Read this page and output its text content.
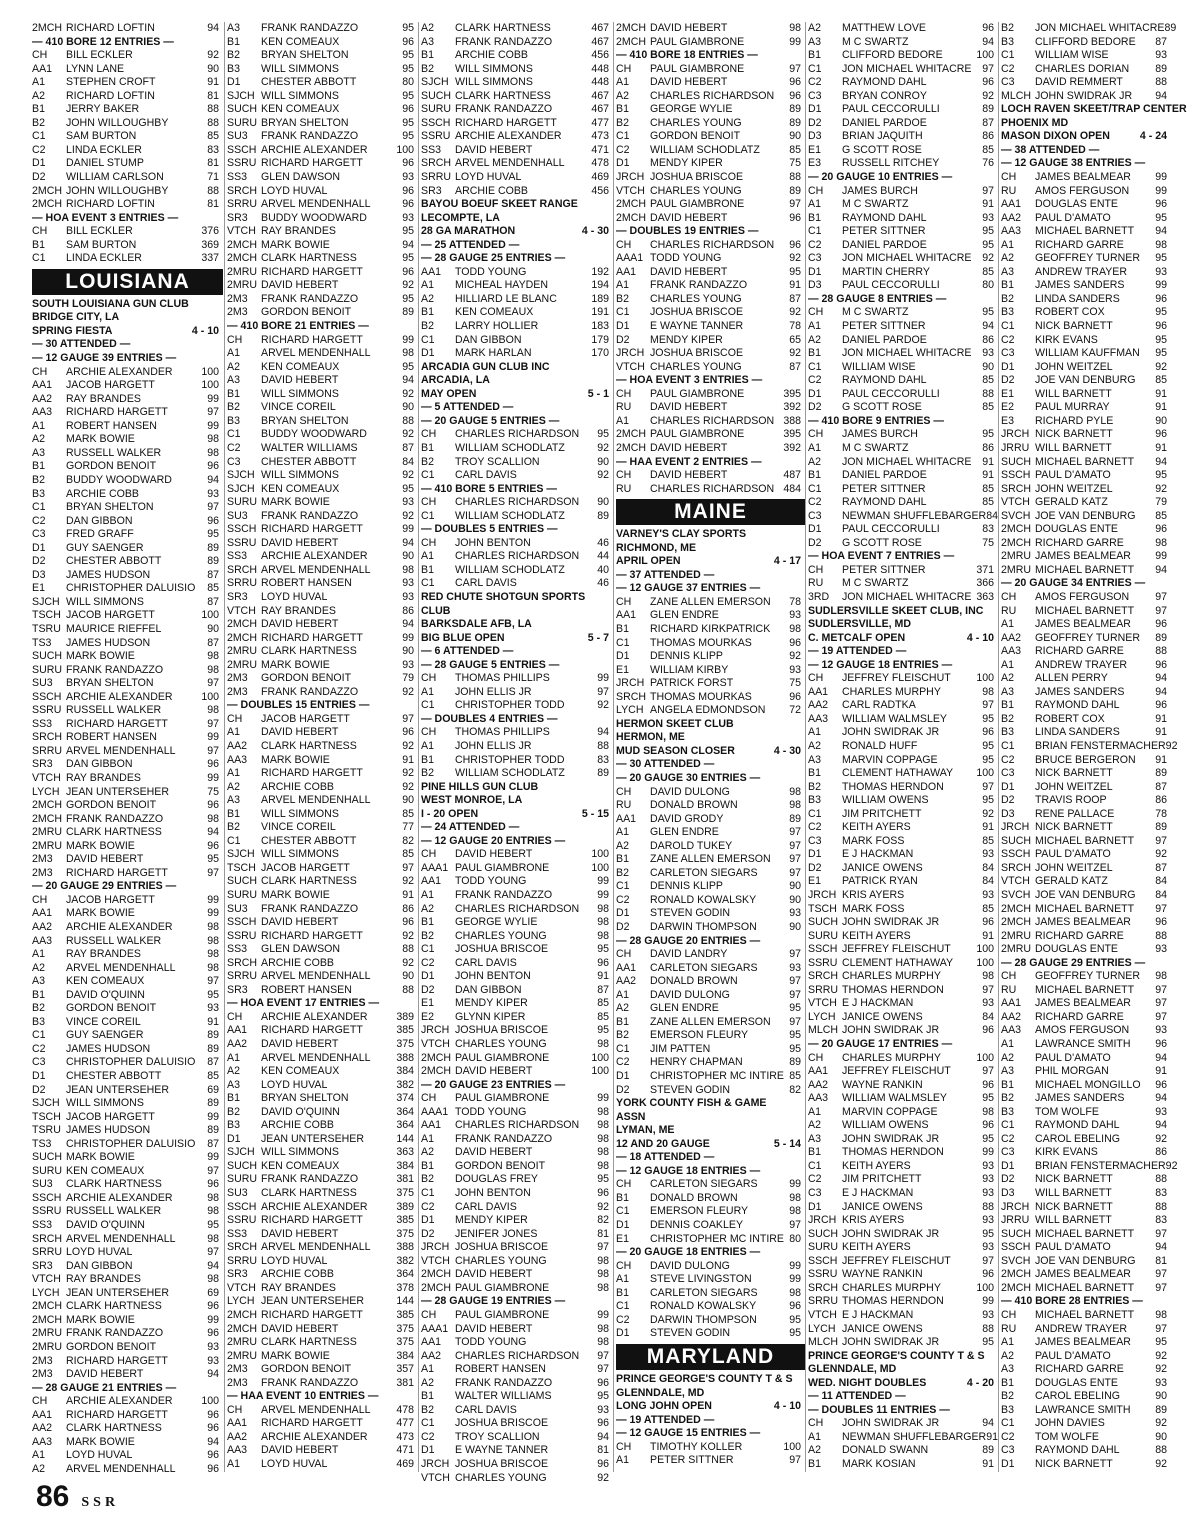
2MCH RICHARD LOFTIN	94
— 410 BORE 12 ENTRIES —
CH	BILL ECKLER	92
AA1	LYNN LANE	90
A1	STEPHEN CROFT	91
A2	RICHARD LOFTIN	81
B1	JERRY BAKER	88
B2	JOHN WILLOUGHBY	88
C1	SAM BURTON	85
C2	LINDA ECKLER	83
D1	DANIEL STUMP	81
D2	WILLIAM CARLSON	71
2MCH JOHN WILLOUGHBY	88
2MCH RICHARD LOFTIN	81
— HOA EVENT 3 ENTRIES —
CH	BILL ECKLER	376
B1	SAM BURTON	369
C1	LINDA ECKLER	337
LOUISIANA
SOUTH LOUISIANA GUN CLUB
BRIDGE CITY, LA
SPRING FIESTA	4 - 10
— 30 ATTENDED —
— 12 GAUGE 39 ENTRIES —
CH	ARCHIE ALEXANDER	100
AA1	JACOB HARGETT	100
AA2	RAY BRANDES	99
AA3	RICHARD HARGETT	97
A1	ROBERT HANSEN	99
A2	MARK BOWIE	98
A3	RUSSELL WALKER	98
B1	GORDON BENOIT	96
B2	BUDDY WOODWARD	94
B3	ARCHIE COBB	93
C1	BRYAN SHELTON	97
C2	DAN GIBBON	96
C3	FRED GRAFF	95
D1	GUY SAENGER	89
D2	CHESTER ABBOTT	89
D3	JAMES HUDSON	87
E1	CHRISTOPHER DALUISIO	85
SJCH WILL SIMMONS	87
TSCH JACOB HARGETT	100
TSRU MAURICE RIEFFEL	90
TS3	JAMES HUDSON	87
SUCH MARK BOWIE	98
SURU FRANK RANDAZZO	98
SU3	BRYAN SHELTON	97
SSCH ARCHIE ALEXANDER	100
SSRU RUSSELL WALKER	98
SS3	RICHARD HARGETT	97
SRCH ROBERT HANSEN	99
SRRU ARVEL MENDENHALL	97
SR3	DAN GIBBON	96
VTCH RAY BRANDES	99
LYCH JEAN UNTERSEHER	75
2MCH GORDON BENOIT	96
2MCH FRANK RANDAZZO	98
2MRU CLARK HARTNESS	94
2MRU MARK BOWIE	96
2M3	DAVID HEBERT	95
2M3	RICHARD HARGETT	97
— 20 GAUGE 29 ENTRIES —
CH	JACOB HARGETT	99
AA1	MARK BOWIE	99
AA2	ARCHIE ALEXANDER	98
AA3	RUSSELL WALKER	98
A1	RAY BRANDES	98
A2	ARVEL MENDENHALL	98
A3	KEN COMEAUX	97
B1	DAVID O'QUINN	95
B2	GORDON BENOIT	93
B3	VINCE COREIL	91
C1	GUY SAENGER	89
C2	JAMES HUDSON	89
C3	CHRISTOPHER DALUISIO	87
D1	CHESTER ABBOTT	85
D2	JEAN UNTERSEHER	69
SJCH WILL SIMMONS	89
TSCH JACOB HARGETT	99
TSRU JAMES HUDSON	89
TS3	CHRISTOPHER DALUISIO	87
SUCH MARK BOWIE	99
SURU KEN COMEAUX	97
SU3	CLARK HARTNESS	96
SSCH ARCHIE ALEXANDER	98
SSRU RUSSELL WALKER	98
SS3	DAVID O'QUINN	95
SRCH ARVEL MENDENHALL	98
SRRU LOYD HUVAL	97
SR3	DAN GIBBON	94
VTCH RAY BRANDES	98
LYCH JEAN UNTERSEHER	69
2MCH CLARK HARTNESS	96
2MCH MARK BOWIE	99
2MRU FRANK RANDAZZO	96
2MRU GORDON BENOIT	93
2M3	RICHARD HARGETT	93
2M3	DAVID HEBERT	94
— 28 GAUGE 21 ENTRIES —
CH	ARCHIE ALEXANDER	100
AA1	RICHARD HARGETT	96
AA2	CLARK HARTNESS	96
AA3	MARK BOWIE	94
A1	LOYD HUVAL	96
A2	ARVEL MENDENHALL	96
A3	FRANK RANDAZZO	95
B1	KEN COMEAUX	96
B2	BRYAN SHELTON	95
B3	WILL SIMMONS	95
D1	CHESTER ABBOTT	80
SJCH WILL SIMMONS	95
SUCH KEN COMEAUX	96
SURU BRYAN SHELTON	95
SU3	FRANK RANDAZZO	95
SSCH ARCHIE ALEXANDER	100
SSRU RICHARD HARGETT	96
SS3	GLEN DAWSON	93
SRCH LOYD HUVAL	96
SRRU ARVEL MENDENHALL	96
SR3	BUDDY WOODWARD	93
VTCH RAY BRANDES	95
2MCH MARK BOWIE	94
2MCH CLARK HARTNESS	95
2MRU RICHARD HARGETT	96
2MRU DAVID HEBERT	92
2M3	FRANK RANDAZZO	95
2M3	GORDON BENOIT	89
— 410 BORE 21 ENTRIES —
CH	RICHARD HARGETT	99
A1	ARVEL MENDENHALL	98
A2	KEN COMEAUX	95
A3	DAVID HEBERT	94
B1	WILL SIMMONS	92
B2	VINCE COREIL	90
B3	BRYAN SHELTON	88
C1	BUDDY WOODWARD	92
C2	WALTER WILLIAMS	87
C3	CHESTER ABBOTT	84
SJCH WILL SIMMONS	92
SJCH KEN COMEAUX	95
SURU MARK BOWIE	93
SU3	FRANK RANDAZZO	92
SSCH RICHARD HARGETT	99
SSRU DAVID HEBERT	94
SS3	ARCHIE ALEXANDER	90
SRCH ARVEL MENDENHALL	98
SRRU ROBERT HANSEN	93
SR3	LOYD HUVAL	93
VTCH RAY BRANDES	86
2MCH DAVID HEBERT	94
2MCH RICHARD HARGETT	99
2MRU CLARK HARTNESS	90
2MRU MARK BOWIE	93
2M3	GORDON BENOIT	79
2M3	FRANK RANDAZZO	92
— DOUBLES 15 ENTRIES —
CH	JACOB HARGETT	97
A1	DAVID HEBERT	96
AA2	CLARK HARTNESS	92
AA3	MARK BOWIE	91
A1	RICHARD HARGETT	92
A2	ARCHIE COBB	92
A3	ARVEL MENDENHALL	90
B1	WILL SIMMONS	85
B2	VINCE COREIL	77
C1	CHESTER ABBOTT	82
SJCH WILL SIMMONS	85
TSCH JACOB HARGETT	97
SUCH CLARK HARTNESS	92
SURU MARK BOWIE	91
SU3	FRANK RANDAZZO	86
SSCH DAVID HEBERT	96
SSRU RICHARD HARGETT	92
SS3	GLEN DAWSON	88
SRCH ARCHIE COBB	92
SRRU ARVEL MENDENHALL	90
SR3	ROBERT HANSEN	88
— HOA EVENT 17 ENTRIES —
CH	ARCHIE ALEXANDER	389
AA1	RICHARD HARGETT	385
AA2	DAVID HEBERT	375
A1	ARVEL MENDENHALL	388
A2	KEN COMEAUX	384
A3	LOYD HUVAL	382
B1	BRYAN SHELTON	374
B2	DAVID O'QUINN	364
B3	ARCHIE COBB	364
D1	JEAN UNTERSEHER	144
SJCH WILL SIMMONS	363
SUCH KEN COMEAUX	384
SURU FRANK RANDAZZO	381
SU3	CLARK HARTNESS	375
SSCH ARCHIE ALEXANDER	389
SSRU RICHARD HARGETT	385
SS3	DAVID HEBERT	375
SRCH ARVEL MENDENHALL	388
SRRU LOYD HUVAL	382
SR3	ARCHIE COBB	364
VTCH RAY BRANDES	378
LYCH JEAN UNTERSEHER	144
2MCH RICHARD HARGETT	385
2MCH DAVID HEBERT	375
2MRU CLARK HARTNESS	375
2MRU MARK BOWIE	384
2M3	GORDON BENOIT	357
2M3	FRANK RANDAZZO	381
— HAA EVENT 10 ENTRIES —
CH	ARVEL MENDENHALL	478
AA1	RICHARD HARGETT	477
AA2	ARCHIE ALEXANDER	473
AA3	DAVID HEBERT	471
A1	LOYD HUVAL	469
A2	CLARK HARTNESS	467
A3	FRANK RANDAZZO	467
B1	ARCHIE COBB	456
B2	WILL SIMMONS	448
SJCH WILL SIMMONS	448
SUCH CLARK HARTNESS	467
SURU FRANK RANDAZZO	467
SSCH RICHARD HARGETT	477
SSRU ARCHIE ALEXANDER	473
SS3	DAVID HEBERT	471
SRCH ARVEL MENDENHALL	478
SRRU LOYD HUVAL	469
SR3	ARCHIE COBB	456
BAYOU BOEUF SKEET RANGE
LECOMPTE, LA
28 GA MARATHON	4 - 30
— 25 ATTENDED —
— 28 GAUGE 25 ENTRIES —
AA1	TODD YOUNG	192
A1	MICHEAL HAYDEN	194
A2	HILLIARD LE BLANC	189
B1	KEN COMEAUX	191
B2	LARRY HOLLIER	183
C1	DAN GIBBON	179
D1	MARK HARLAN	170
ARCADIA GUN CLUB INC
ARCADIA, LA
MAY OPEN	5 - 1
— 5 ATTENDED —
— 20 GAUGE 5 ENTRIES —
CH	CHARLES RICHARDSON	95
B1	WILLIAM SCHODLATZ	92
B2	TROY SCALLION	90
C1	CARL DAVIS	92
— 410 BORE 5 ENTRIES —
CH	CHARLES RICHARDSON	90
C1	WILLIAM SCHODLATZ	89
— DOUBLES 5 ENTRIES —
CH	JOHN BENTON	46
A1	CHARLES RICHARDSON	44
B1	WILLIAM SCHODLATZ	40
C1	CARL DAVIS	46
RED CHUTE SHOTGUN SPORTS
CLUB
BARKSDALE AFB, LA
BIG BLUE OPEN	5 - 7
— 6 ATTENDED —
— 28 GAUGE 5 ENTRIES —
CH	THOMAS PHILLIPS	99
A1	JOHN ELLIS JR	97
C1	CHRISTOPHER TODD	92
— DOUBLES 4 ENTRIES —
CH	THOMAS PHILLIPS	94
A1	JOHN ELLIS JR	88
B1	CHRISTOPHER TODD	83
B2	WILLIAM SCHODLATZ	89
PINE HILLS GUN CLUB
WEST MONROE, LA
I - 20 OPEN	5 - 15
— 24 ATTENDED —
— 12 GAUGE 20 ENTRIES —
CH	DAVID HEBERT	100
AAA1 PAUL GIAMBRONE	100
AA1	TODD YOUNG	99
A1	FRANK RANDAZZO	99
A2	CHARLES RICHARDSON	98
B1	GEORGE WYLIE	98
B2	CHARLES YOUNG	98
C1	JOSHUA BRISCOE	95
C2	CARL DAVIS	96
D1	JOHN BENTON	91
D2	DAN GIBBON	87
E1	MENDY KIPER	85
E2	GLYNN KIPER	85
JRCH JOSHUA BRISCOE	95
VTCH CHARLES YOUNG	98
2MCH PAUL GIAMBRONE	100
2MCH DAVID HEBERT	100
— 20 GAUGE 23 ENTRIES —
CH	PAUL GIAMBRONE	99
AAA1 TODD YOUNG	98
AA1	CHARLES RICHARDSON	98
A1	FRANK RANDAZZO	98
A2	DAVID HEBERT	98
B1	GORDON BENOIT	98
B2	DOUGLAS FREY	95
C1	JOHN BENTON	96
C2	CARL DAVIS	92
D1	MENDY KIPER	82
D2	JENIFER JONES	81
JRCH JOSHUA BRISCOE	97
VTCH CHARLES YOUNG	98
2MCH DAVID HEBERT	98
2MCH PAUL GIAMBRONE	98
— 28 GAUGE 19 ENTRIES —
CH	PAUL GIAMBRONE	99
AAA1 DAVID HEBERT	98
AA1	TODD YOUNG	98
AA2	CHARLES RICHARDSON	97
A1	ROBERT HANSEN	97
A2	FRANK RANDAZZO	96
B1	WALTER WILLIAMS	95
B2	CARL DAVIS	93
C1	JOSHUA BRISCOE	96
C2	TROY SCALLION	94
D1	E WAYNE TANNER	81
JRCH JOSHUA BRISCOE	96
VTCH CHARLES YOUNG	92
2MCH DAVID HEBERT	98
2MCH PAUL GIAMBRONE	99
— 410 BORE 18 ENTRIES —
CH	PAUL GIAMBRONE	97
A1	DAVID HEBERT	96
A2	CHARLES RICHARDSON	96
B1	GEORGE WYLIE	89
B2	CHARLES YOUNG	89
C1	GORDON BENOIT	90
C2	WILLIAM SCHODLATZ	85
D1	MENDY KIPER	75
JRCH JOSHUA BRISCOE	88
VTCH CHARLES YOUNG	89
2MCH PAUL GIAMBRONE	97
2MCH DAVID HEBERT	96
— DOUBLES 19 ENTRIES —
CH	CHARLES RICHARDSON	96
AAA1 TODD YOUNG	92
AA1	DAVID HEBERT	95
A1	FRANK RANDAZZO	91
B2	CHARLES YOUNG	87
C1	JOSHUA BRISCOE	92
D1	E WAYNE TANNER	78
D2	MENDY KIPER	65
JRCH JOSHUA BRISCOE	92
VTCH CHARLES YOUNG	87
— HOA EVENT 3 ENTRIES —
CH	PAUL GIAMBRONE	395
RU	DAVID HEBERT	392
A1	CHARLES RICHARDSON 388
2MCH PAUL GIAMBRONE	395
2MCH DAVID HEBERT	392
— HAA EVENT 2 ENTRIES —
CH	DAVID HEBERT	487
RU	CHARLES RICHARDSON 484
MAINE
VARNEY'S CLAY SPORTS
RICHMOND, ME
APRIL OPEN	4 - 17
— 37 ATTENDED —
— 12 GAUGE 37 ENTRIES —
CH	ZANE ALLEN EMERSON	78
AA1	GLEN ENDRE	93
B1	RICHARD KIRKPATRICK	98
C1	THOMAS MOURKAS	96
D1	DENNIS KLIPP	92
E1	WILLIAM KIRBY	93
JRCH PATRICK FORST	75
SRCH THOMAS MOURKAS	96
LYCH ANGELA EDMONDSON	72
HERMON SKEET CLUB
HERMON, ME
MUD SEASON CLOSER	4 - 30
— 30 ATTENDED —
— 20 GAUGE 30 ENTRIES —
CH	DAVID DULONG	98
RU	DONALD BROWN	98
AA1	DAVID GRODY	89
A1	GLEN ENDRE	97
A2	DAROLD TUKEY	97
B1	ZANE ALLEN EMERSON	97
B2	CARLETON SIEGARS	97
C1	DENNIS KLIPP	90
C2	RONALD KOWALSKY	90
D1	STEVEN GODIN	93
D2	DARWIN THOMPSON	90
— 28 GAUGE 20 ENTRIES —
CH	DAVID LANDRY	97
AA1	CARLETON SIEGARS	93
AA2	DONALD BROWN	97
A1	DAVID DULONG	97
A2	GLEN ENDRE	95
B1	ZANE ALLEN EMERSON	97
B2	EMERSON FLEURY	95
C1	JIM PATTEN	95
C2	HENRY CHAPMAN	89
D1	CHRISTOPHER MC INTIRE 85
D2	STEVEN GODIN	82
YORK COUNTY FISH & GAME
ASSN
LYMAN, ME
12 AND 20 GAUGE	5 - 14
— 18 ATTENDED —
— 12 GAUGE 18 ENTRIES —
CH	CARLETON SIEGARS	99
B1	DONALD BROWN	98
C1	EMERSON FLEURY	98
D1	DENNIS COAKLEY	97
E1	CHRISTOPHER MC INTIRE 80
— 20 GAUGE 18 ENTRIES —
CH	DAVID DULONG	99
A1	STEVE LIVINGSTON	99
B1	CARLETON SIEGARS	98
C1	RONALD KOWALSKY	96
C2	DARWIN THOMPSON	95
D1	STEVEN GODIN	95
MARYLAND
PRINCE GEORGE'S COUNTY T & S
GLENNDALE, MD
LONG JOHN OPEN	4 - 10
— 19 ATTENDED —
— 12 GAUGE 15 ENTRIES —
CH	TIMOTHY KOLLER	100
A1	PETER SITTNER	97
A2	MATTHEW LOVE	96
A3	M C SWARTZ	94
B1	CLIFFORD BEDORE	100
C1	JON MICHAEL WHITACRE	97
C2	RAYMOND DAHL	96
C3	BRYAN CONROY	92
D1	PAUL CECCORULLI	89
D2	DANIEL PARDOE	87
D3	BRIAN JAQUITH	86
E1	G SCOTT ROSE	85
E3	RUSSELL RITCHEY	76
— 20 GAUGE 10 ENTRIES —
CH	JAMES BURCH	97
A1	M C SWARTZ	91
B1	RAYMOND DAHL	93
C1	PETER SITTNER	95
C2	DANIEL PARDOE	95
C3	JON MICHAEL WHITACRE	92
D1	MARTIN CHERRY	85
D3	PAUL CECCORULLI	80
— 28 GAUGE 8 ENTRIES —
CH	M C SWARTZ	95
A1	PETER SITTNER	94
A2	DANIEL PARDOE	86
B1	JON MICHAEL WHITACRE	93
C1	WILLIAM WISE	90
C2	RAYMOND DAHL	85
D1	PAUL CECCORULLI	88
D2	G SCOTT ROSE	85
— 410 BORE 9 ENTRIES —
CH	JAMES BURCH	95
A1	M C SWARTZ	86
A2	JON MICHAEL WHITACRE	91
B1	DANIEL PARDOE	91
C1	PETER SITTNER	85
C2	RAYMOND DAHL	85
C3	NEWMAN SHUFFLEBARGER 84
D1	PAUL CECCORULLI	83
D2	G SCOTT ROSE	75
— HOA EVENT 7 ENTRIES —
CH	PETER SITTNER	371
RU	M C SWARTZ	366
3RD	JON MICHAEL WHITACRE 363
SUDLERSVILLE SKEET CLUB, INC
SUDLERSVILLE, MD
C. METCALF OPEN	4 - 10
— 19 ATTENDED —
— 12 GAUGE 18 ENTRIES —
CH	JEFFREY FLEISCHUT	100
AA1	CHARLES MURPHY	98
AA2	CARL RADTKA	97
AA3	WILLIAM WALMSLEY	95
A1	JOHN SWIDRAK JR	96
A2	RONALD HUFF	95
A3	MARVIN COPPAGE	95
B1	CLEMENT HATHAWAY	100
B2	THOMAS HERNDON	97
B3	WILLIAM OWENS	95
C1	JIM PRITCHETT	92
C2	KEITH AYERS	91
C3	MARK FOSS	85
D1	E J HACKMAN	93
D2	JANICE OWENS	84
E1	PATRICK RYAN	84
JRCH KRIS AYERS	93
TSCH MARK FOSS	85
SUCH JOHN SWIDRAK JR	96
SURU KEITH AYERS	91
SSCH JEFFREY FLEISCHUT	100
SSRU CLEMENT HATHAWAY	100
SRCH CHARLES MURPHY	98
SRRU THOMAS HERNDON	97
VTCH E J HACKMAN	93
LYCH JANICE OWENS	84
MLCH JOHN SWIDRAK JR	96
— 20 GAUGE 17 ENTRIES —
CH	CHARLES MURPHY	100
AA1	JEFFREY FLEISCHUT	97
AA2	WAYNE RANKIN	96
AA3	WILLIAM WALMSLEY	95
A1	MARVIN COPPAGE	98
A2	WILLIAM OWENS	96
A3	JOHN SWIDRAK JR	95
B1	THOMAS HERNDON	99
C1	KEITH AYERS	93
C2	JIM PRITCHETT	93
C3	E J HACKMAN	93
D1	JANICE OWENS	88
JRCH KRIS AYERS	93
SUCH JOHN SWIDRAK JR	95
SURU KEITH AYERS	93
SSCH JEFFREY FLEISCHUT	97
SSRU WAYNE RANKIN	96
SRCH CHARLES MURPHY	100
SRRU THOMAS HERNDON	99
VTCH E J HACKMAN	93
LYCH JANICE OWENS	88
MLCH JOHN SWIDRAK JR	95
PRINCE GEORGE'S COUNTY T & S
GLENNDALE, MD
WED. NIGHT DOUBLES	4 - 20
— 11 ATTENDED —
— DOUBLES 11 ENTRIES —
CH	JOHN SWIDRAK JR	94
A1	NEWMAN SHUFFLEBARGER 91
A2	DONALD SWANN	89
B1	MARK KOSIAN	91
B2	JON MICHAEL WHITACRE 89
B3	CLIFFORD BEDORE	87
C1	WILLIAM WISE	93
C2	CHARLES DORIAN	89
C3	DAVID REMMERT	88
MLCH JOHN SWIDRAK JR	94
LOCH RAVEN SKEET/TRAP CENTER
PHOENIX MD
MASON DIXON OPEN	4 - 24
— 38 ATTENDED —
— 12 GAUGE 38 ENTRIES —
CH	JAMES BEALMEAR	99
RU	AMOS FERGUSON	99
AA1	DOUGLAS ENTE	96
AA2	PAUL D'AMATO	95
AA3	MICHAEL BARNETT	94
A1	RICHARD GARRE	98
A2	GEOFFREY TURNER	95
A3	ANDREW TRAYER	93
B1	JAMES SANDERS	99
B2	LINDA SANDERS	96
B3	ROBERT COX	95
C1	NICK BARNETT	96
C2	KIRK EVANS	95
C3	WILLIAM KAUFFMAN	95
D1	JOHN WEITZEL	92
D2	JOE VAN DENBURG	85
E1	WILL BARNETT	91
E2	PAUL MURRAY	91
E3	RICHARD PYLE	90
JRCH NICK BARNETT	96
JRRU WILL BARNETT	91
SUCH MICHAEL BARNETT	94
SSCH PAUL D'AMATO	95
SRCH JOHN WEITZEL	92
VTCH GERALD KATZ	79
SVCH JOE VAN DENBURG	85
2MCH DOUGLAS ENTE	96
2MCH RICHARD GARRE	98
2MRU JAMES BEALMEAR	99
2MRU MICHAEL BARNETT	94
— 20 GAUGE 34 ENTRIES —
CH	AMOS FERGUSON	97
RU	MICHAEL BARNETT	97
A1	JAMES BEALMEAR	96
AA2	GEOFFREY TURNER	89
AA3	RICHARD GARRE	88
A1	ANDREW TRAYER	96
A2	ALLEN PERRY	94
A3	JAMES SANDERS	94
B1	RAYMOND DAHL	96
B2	ROBERT COX	91
B3	LINDA SANDERS	91
C1	BRIAN FENSTERMACHER 92
C2	BRUCE BERGERON	91
C3	NICK BARNETT	89
D1	JOHN WEITZEL	87
D2	TRAVIS ROOP	86
D3	RENE PALLACE	78
JRCH NICK BARNETT	89
SUCH MICHAEL BARNETT	97
SSCH PAUL D'AMATO	92
SRCH JOHN WEITZEL	87
VTCH GERALD KATZ	84
SVCH JOE VAN DENBURG	84
2MCH MICHAEL BARNETT	97
2MCH JAMES BEALMEAR	96
2MRU RICHARD GARRE	88
2MRU DOUGLAS ENTE	93
— 28 GAUGE 29 ENTRIES —
CH	GEOFFREY TURNER	98
RU	MICHAEL BARNETT	97
AA1	JAMES BEALMEAR	97
AA2	RICHARD GARRE	97
AA3	AMOS FERGUSON	93
A1	LAWRANCE SMITH	96
A2	PAUL D'AMATO	94
A3	PHIL MORGAN	91
B1	MICHAEL MONGILLO	96
B2	JAMES SANDERS	94
B3	TOM WOLFE	93
C1	RAYMOND DAHL	94
C2	CAROL EBELING	92
C3	KIRK EVANS	86
D1	BRIAN FENSTERMACHER 92
D2	NICK BARNETT	88
D3	WILL BARNETT	83
JRCH NICK BARNETT	88
JRRU WILL BARNETT	83
SUCH MICHAEL BARNETT	97
SSCH PAUL D'AMATO	94
SVCH JOE VAN DENBURG	81
2MCH JAMES BEALMEAR	97
2MCH MICHAEL BARNETT	97
— 410 BORE 28 ENTRIES —
CH	MICHAEL BARNETT	98
RU	ANDREW TRAYER	97
A1	JAMES BEALMEAR	95
A2	PAUL D'AMATO	92
A3	RICHARD GARRE	92
B1	DOUGLAS ENTE	93
B2	CAROL EBELING	90
B3	LAWRANCE SMITH	89
C1	JOHN DAVIES	92
C2	TOM WOLFE	90
C3	RAYMOND DAHL	88
D1	NICK BARNETT	92
86 SSR
